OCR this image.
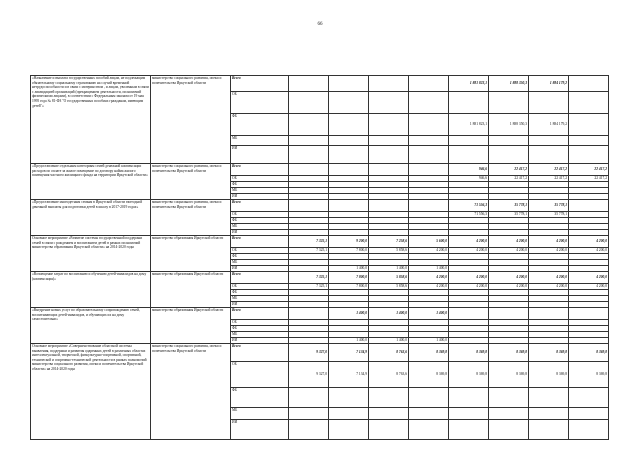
66
«Назначение и выплата государственных пособий лицам, не подлежащим обязательному социальному страхованию на случай временной нетрудоспособности и в связи с материнством , и лицам, уволенным в связи с ликвидацией организаций (прекращением деятельности, полномочий физическими лицами), в соответствии с Федеральным законом от 19 мая 1995 года № 81-ФЗ "О государственных пособиях гражданам, имеющим детей"»	министерство социального развития, опеки и попечительства Иркутской области	Всего					1 881 823,1	1 888 350,3	1 884 179,2	
		ОБ								
		ФБ					1 881 823,1	1 888 350,3	1 884 179,2	
		МБ								
		ИИ								
«Предоставление отдельным категориям семей денежной компенсации расходов по оплате за жилое помещение по договору найма жилого помещения частного жилищного фонда на территории Иркутской области»	министерство социального развития, опеки и попечительства Иркутской области	Всего					946,6	22 417,2	22 417,2	22 417,2
		ОБ					946,6	22 417,2	22 417,2	22 417,2
		ФБ								
		МБ								
		ИИ								
«Предоставление многодетным семьям в Иркутской области ежегодной денежной выплаты для подготовки детей в школу в 2017-2019 годах»	министерство социального развития, опеки и попечительства Иркутской области	Всего					71 556,3	35 778,1	35 778,1	
		ОБ					71 556,3	35 778,1	35 778,1	
		ФБ								
		МБ								
		ИИ								
Основное мероприятие «Развитие системы государственной поддержки семей в связи с рождением и воспитанием детей в рамках полномочий министерства образования Иркутской области» на 2014-2020 годы	министерство образования Иркутской области	Всего	7 325,1	9 200,0	7 258,6	5 600,0	4 200,0	4 200,0	4 200,0	4 200,0
		ОБ	7 325,1	7 800,0	5 858,6	4 200,0	4 200,0	4 200,0	4 200,0	4 200,0
		ФБ								
		МБ								
		ИИ		1 400,0	1 400,0	1 400,0				
«Возмещение затрат по воспитанию и обучению детей-инвалидов на дому (компенсация)»	министерство образования Иркутской области	Всего	7 325,1	7 800,0	5 858,6	4 200,0	4 200,0	4 200,0	4 200,0	4 200,0
		ОБ	7 325,1	7 800,0	5 858,6	4 200,0	4 200,0	4 200,0	4 200,0	4 200,0
		ФБ								
		МБ								
		ИИ								
«Внедрение новых услуг по образовательному сопровождению семей, воспитывающих детей-инвалидов, и обучающих их на дому самостоятельно»	министерство образования Иркутской области	Всего		1 400,0	1 400,0	1 400,0				
		ОБ								
		ФБ								
		МБ								
		ИИ		1 400,0	1 400,0	1 400,0				
Основное мероприятие «Совершенствование областной системы выявления, поддержки и развития одаренных детей в различных областях интеллектуальной, творческой, физкультурно-спортивной, спортивной, технической и спортивно-технической деятельности в рамках полномочий министерства социального развития, опеки и попечительства Иркутской области» на 2014-2020 годы	министерство социального развития, опеки и попечительства Иркутской области	Всего	9 327,0	7 134,9	8 763,6	8 369,8	8 369,8	8 369,8	8 369,8	8 369,8
		ОБ	9 327,0	7 134,9	8 763,6	8 369,8	8 369,8	8 369,8	8 369,8	8 369,8
		ФБ								
		МБ								
		ИИ								
